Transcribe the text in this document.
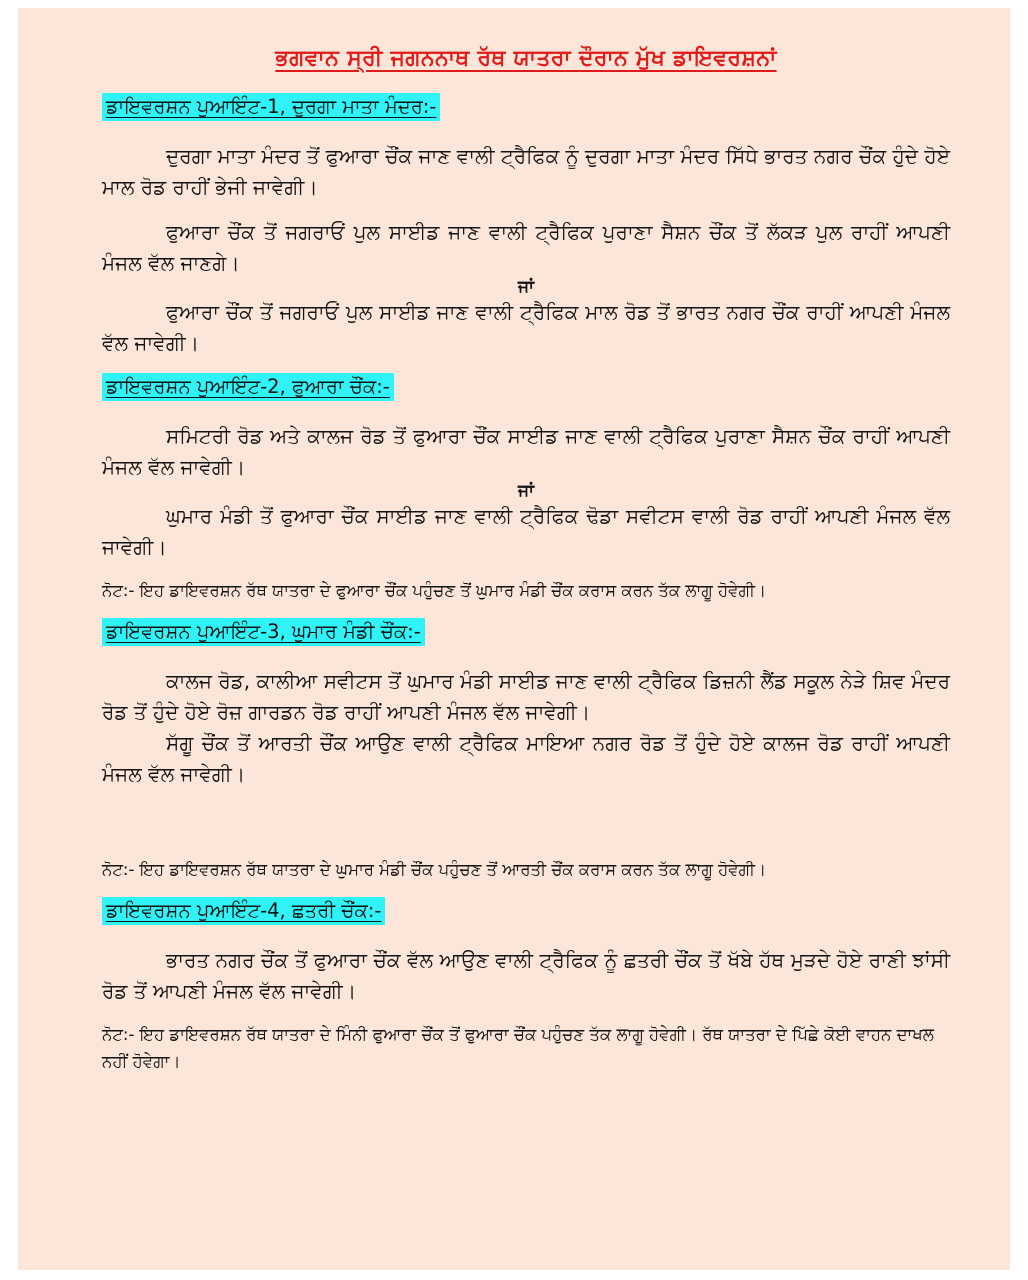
ਭਗਵਾਨ ਸ੍ਰੀ ਜਗਨਨਾਥ ਰੱਥ ਯਾਤਰਾ ਦੌਰਾਨ ਮੁੱਖ ਡਾਇਵਰਸ਼ਨਾਂ
ਡਾਇਵਰਸ਼ਨ ਪੁਆਇੰਟ-1, ਦੁਰਗਾ ਮਾਤਾ ਮੰਦਰ:-

ਦੁਰਗਾ ਮਾਤਾ ਮੰਦਰ ਤੋਂ ਫੁਆਰਾ ਚੌਂਕ ਜਾਣ ਵਾਲੀ ਟ੍ਰੈਫਿਕ ਨੂੰ ਦੁਰਗਾ ਮਾਤਾ ਮੰਦਰ ਸਿੱਧੇ ਭਾਰਤ ਨਗਰ ਚੌਂਕ ਹੁੰਦੇ ਹੋਏ ਮਾਲ ਰੋਡ ਰਾਹੀਂ ਭੇਜੀ ਜਾਵੇਗੀ।

ਫੁਆਰਾ ਚੌਂਕ ਤੋਂ ਜਗਰਾਓਂ ਪੁਲ ਸਾਈਡ ਜਾਣ ਵਾਲੀ ਟ੍ਰੈਫਿਕ ਪੁਰਾਣਾ ਸੈਸ਼ਨ ਚੌਂਕ ਤੋਂ ਲੱਕੜ ਪੁਲ ਰਾਹੀਂ ਆਪਣੀ ਮੰਜਲ ਵੱਲ ਜਾਣਗੇ।

ਜਾਂ

ਫੁਆਰਾ ਚੌਂਕ ਤੋਂ ਜਗਰਾਓਂ ਪੁਲ ਸਾਈਡ ਜਾਣ ਵਾਲੀ ਟ੍ਰੈਫਿਕ ਮਾਲ ਰੋਡ ਤੋਂ ਭਾਰਤ ਨਗਰ ਚੌਂਕ ਰਾਹੀਂ ਆਪਣੀ ਮੰਜਲ ਵੱਲ ਜਾਵੇਗੀ।

ਡਾਇਵਰਸ਼ਨ ਪੁਆਇੰਟ-2, ਫੁਆਰਾ ਚੌਂਕ:-

ਸਮਿਟਰੀ ਰੋਡ ਅਤੇ ਕਾਲਜ ਰੋਡ ਤੋਂ ਫੁਆਰਾ ਚੌਂਕ ਸਾਈਡ ਜਾਣ ਵਾਲੀ ਟ੍ਰੈਫਿਕ ਪੁਰਾਣਾ ਸੈਸ਼ਨ ਚੌਂਕ ਰਾਹੀਂ ਆਪਣੀ ਮੰਜਲ ਵੱਲ ਜਾਵੇਗੀ।

ਜਾਂ

ਘੁਮਾਰ ਮੰਡੀ ਤੋਂ ਫੁਆਰਾ ਚੌਂਕ ਸਾਈਡ ਜਾਣ ਵਾਲੀ ਟ੍ਰੈਫਿਕ ਢੋਡਾ ਸਵੀਟਸ ਵਾਲੀ ਰੋਡ ਰਾਹੀਂ ਆਪਣੀ ਮੰਜਲ ਵੱਲ ਜਾਵੇਗੀ।

ਨੋਟ:- ਇਹ ਡਾਇਵਰਸ਼ਨ ਰੱਥ ਯਾਤਰਾ ਦੇ ਫੁਆਰਾ ਚੌਂਕ ਪਹੁੰਚਣ ਤੋਂ ਘੁਮਾਰ ਮੰਡੀ ਚੌਂਕ ਕਰਾਸ ਕਰਨ ਤੱਕ ਲਾਗੂ ਹੋਵੇਗੀ।
ਡਾਇਵਰਸ਼ਨ ਪੁਆਇੰਟ-3, ਘੁਮਾਰ ਮੰਡੀ ਚੌਂਕ:-

ਕਾਲਜ ਰੋਡ, ਕਾਲੀਆ ਸਵੀਟਸ ਤੋਂ ਘੁਮਾਰ ਮੰਡੀ ਸਾਈਡ ਜਾਣ ਵਾਲੀ ਟ੍ਰੈਫਿਕ ਡਿਜ਼ਨੀ ਲੈਂਡ ਸਕੂਲ ਨੇੜੇ ਸ਼ਿਵ ਮੰਦਰ ਰੋਡ ਤੋਂ ਹੁੰਦੇ ਹੋਏ ਰੋਜ਼ ਗਾਰਡਨ ਰੋਡ ਰਾਹੀਂ ਆਪਣੀ ਮੰਜਲ ਵੱਲ ਜਾਵੇਗੀ।

ਸੱਗੂ ਚੌਂਕ ਤੋਂ ਆਰਤੀ ਚੌਂਕ ਆਉਣ ਵਾਲੀ ਟ੍ਰੈਫਿਕ ਮਾਇਆ ਨਗਰ ਰੋਡ ਤੋਂ ਹੁੰਦੇ ਹੋਏ ਕਾਲਜ ਰੋਡ ਰਾਹੀਂ ਆਪਣੀ ਮੰਜਲ ਵੱਲ ਜਾਵੇਗੀ।

ਨੋਟ:- ਇਹ ਡਾਇਵਰਸ਼ਨ ਰੱਥ ਯਾਤਰਾ ਦੇ ਘੁਮਾਰ ਮੰਡੀ ਚੌਂਕ ਪਹੁੰਚਣ ਤੋਂ ਆਰਤੀ ਚੌਂਕ ਕਰਾਸ ਕਰਨ ਤੱਕ ਲਾਗੂ ਹੋਵੇਗੀ।
ਡਾਇਵਰਸ਼ਨ ਪੁਆਇੰਟ-4, ਛਤਰੀ ਚੌਂਕ:-

ਭਾਰਤ ਨਗਰ ਚੌਂਕ ਤੋਂ ਫੁਆਰਾ ਚੌਂਕ ਵੱਲ ਆਉਣ ਵਾਲੀ ਟ੍ਰੈਫਿਕ ਨੂੰ ਛਤਰੀ ਚੌਂਕ ਤੋਂ ਖੱਬੇ ਹੱਥ ਮੁੜਦੇ ਹੋਏ ਰਾਣੀ ਝਾਂਸੀ ਰੋਡ ਤੋਂ ਆਪਣੀ ਮੰਜਲ ਵੱਲ ਜਾਵੇਗੀ।

ਨੋਟ:- ਇਹ ਡਾਇਵਰਸ਼ਨ ਰੱਥ ਯਾਤਰਾ ਦੇ ਮਿੰਨੀ ਫੁਆਰਾ ਚੌਂਕ ਤੋਂ ਫੁਆਰਾ ਚੌਂਕ ਪਹੁੰਚਣ ਤੱਕ ਲਾਗੂ ਹੋਵੇਗੀ। ਰੱਥ ਯਾਤਰਾ ਦੇ ਪਿੱਛੇ ਕੋਈ ਵਾਹਨ ਦਾਖਲ ਨਹੀਂ ਹੋਵੇਗਾ।
